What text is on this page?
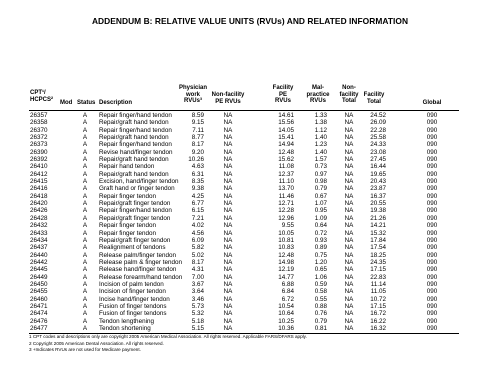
ADDENDUM B: RELATIVE VALUE UNITS (RVUs) AND RELATED INFORMATION
CPT¹/
HCPCS²
Mod Status Description
Physician
work
RVUs³
Non-facility
PE RVUs
Facility
PE
RVUs
Mal-
practice
RVUs
Non-
facility
Total
Facility
Total	Global
26357	A	Repair finger/hand tendon	8.59	NA	14.61	1.33	NA	24.52	090
26358	A	Repair/graft hand tendon	9.15	NA	15.56	1.38	NA	26.09	090
26370	A	Repair finger/hand tendon	7.11	NA	14.05	1.12	NA	22.28	090
26372	A	Repair/graft hand tendon	8.77	NA	15.41	1.40	NA	25.58	090
26373	A	Repair finger/hand tendon	8.17	NA	14.94	1.23	NA	24.33	090
26390	A	Revise hand/finger tendon	9.20	NA	12.48	1.40	NA	23.08	090
26392	A	Repair/graft hand tendon	10.26	NA	15.62	1.57	NA	27.45	090
26410	A	Repair hand tendon	4.63	NA	11.08	0.73	NA	16.44	090
26412	A	Repair/graft hand tendon	6.31	NA	12.37	0.97	NA	19.65	090
26415	A	Excision, hand/finger tendon	8.35	NA	11.10	0.98	NA	20.43	090
26416	A	Graft hand or finger tendon	9.38	NA	13.70	0.79	NA	23.87	090
26418	A	Repair finger tendon	4.25	NA	11.46	0.67	NA	16.37	090
26420	A	Repair/graft finger tendon	6.77	NA	12.71	1.07	NA	20.55	090
26426	A	Repair finger/hand tendon	6.15	NA	12.28	0.95	NA	19.38	090
26428	A	Repair/graft finger tendon	7.21	NA	12.96	1.09	NA	21.26	090
26432	A	Repair finger tendon	4.02	NA	9.55	0.64	NA	14.21	090
26433	A	Repair finger tendon	4.56	NA	10.05	0.72	NA	15.32	090
26434	A	Repair/graft finger tendon	6.09	NA	10.81	0.93	NA	17.84	090
26437	A	Realignment of tendons	5.82	NA	10.83	0.89	NA	17.54	090
26440	A	Release palm/finger tendon	5.02	NA	12.48	0.75	NA	18.25	090
26442	A	Release palm & finger tendon	8.17	NA	14.98	1.20	NA	24.35	090
26445	A	Release hand/finger tendon	4.31	NA	12.19	0.65	NA	17.15	090
26449	A	Release forearm/hand tendon	7.00	NA	14.77	1.06	NA	22.83	090
26450	A	Incision of palm tendon	3.67	NA	6.88	0.59	NA	11.14	090
26455	A	Incision of finger tendon	3.64	NA	6.84	0.58	NA	11.05	090
26460	A	Incise hand/finger tendon	3.46	NA	6.72	0.55	NA	10.72	090
26471	A	Fusion of finger tendons	5.73	NA	10.54	0.88	NA	17.15	090
26474	A	Fusion of finger tendons	5.32	NA	10.64	0.76	NA	16.72	090
26476	A	Tendon lengthening	5.18	NA	10.25	0.79	NA	16.22	090
26477	A	Tendon shortening	5.15	NA	10.36	0.81	NA	16.32	090
1 CPT codes and descriptions only are copyright 2005 American Medical Association. All rights reserved. Applicable FARS/DFARS apply.
2 Copyright 2005 American Dental Association. All rights reserved.
3 +Indicates RVUs are not used for Medicare payment.
